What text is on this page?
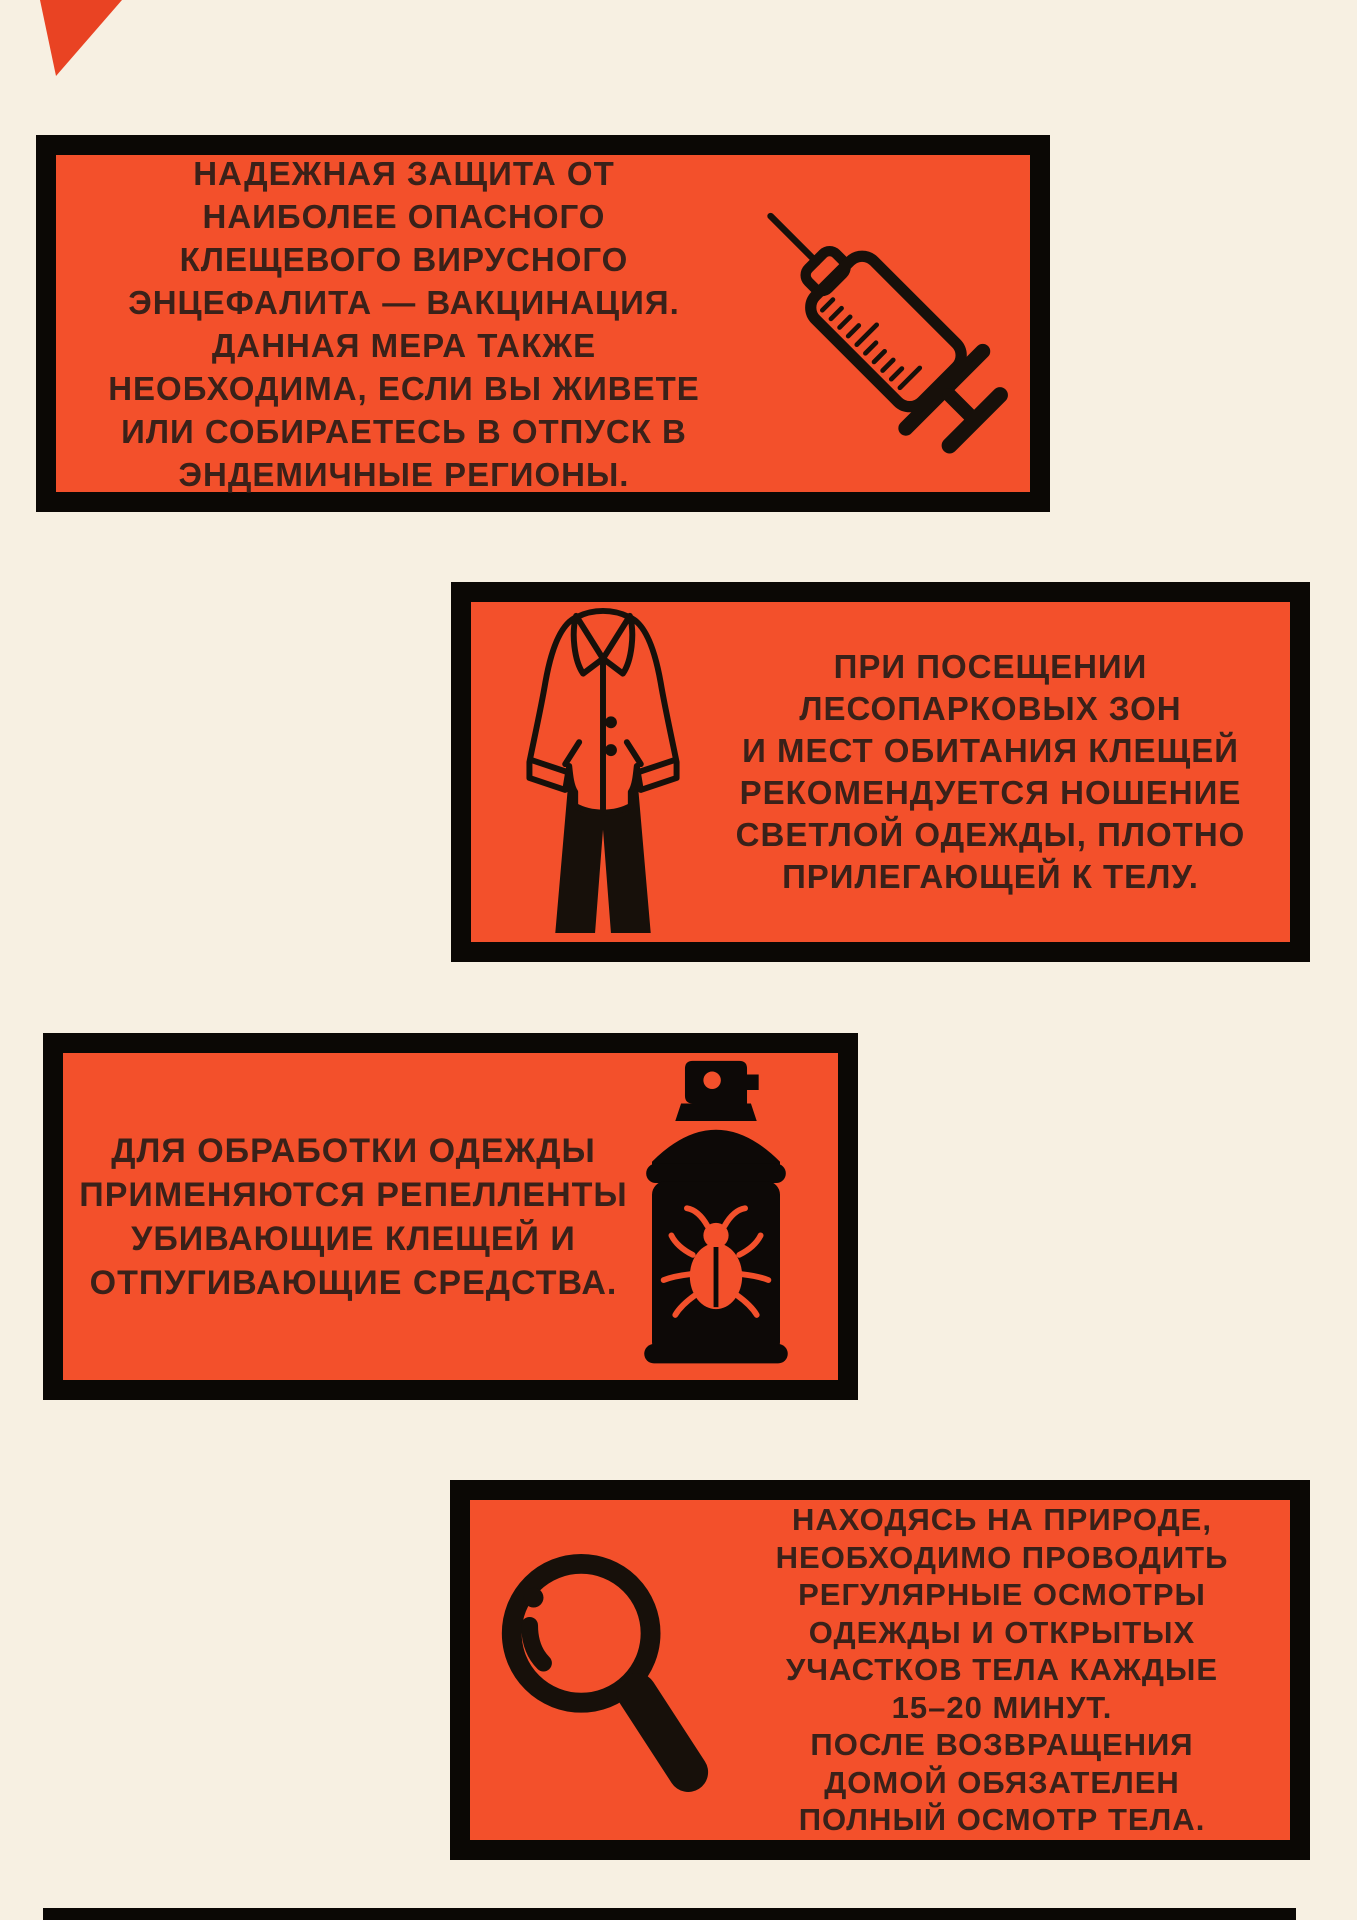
НАДЕЖНАЯ ЗАЩИТА ОТ
НАИБОЛЕЕ ОПАСНОГО
КЛЕЩЕВОГО ВИРУСНОГО
ЭНЦЕФАЛИТА — ВАКЦИНАЦИЯ.
ДАННАЯ МЕРА ТАКЖЕ
НЕОБХОДИМА, ЕСЛИ ВЫ ЖИВЕТЕ
ИЛИ СОБИРАЕТЕСЬ В ОТПУСК В
ЭНДЕМИЧНЫЕ РЕГИОНЫ.
ПРИ ПОСЕЩЕНИИ
ЛЕСОПАРКОВЫХ ЗОН
И МЕСТ ОБИТАНИЯ КЛЕЩЕЙ
РЕКОМЕНДУЕТСЯ НОШЕНИЕ
СВЕТЛОЙ ОДЕЖДЫ, ПЛОТНО
ПРИЛЕГАЮЩЕЙ К ТЕЛУ.
ДЛЯ ОБРАБОТКИ ОДЕЖДЫ
ПРИМЕНЯЮТСЯ РЕПЕЛЛЕНТЫ
УБИВАЮЩИЕ КЛЕЩЕЙ И
ОТПУГИВАЮЩИЕ СРЕДСТВА.
НАХОДЯСЬ НА ПРИРОДЕ,
НЕОБХОДИМО ПРОВОДИТЬ
РЕГУЛЯРНЫЕ ОСМОТРЫ
ОДЕЖДЫ И ОТКРЫТЫХ
УЧАСТКОВ ТЕЛА КАЖДЫЕ
15–20 МИНУТ.
ПОСЛЕ ВОЗВРАЩЕНИЯ
ДОМОЙ ОБЯЗАТЕЛЕН
ПОЛНЫЙ ОСМОТР ТЕЛА.
